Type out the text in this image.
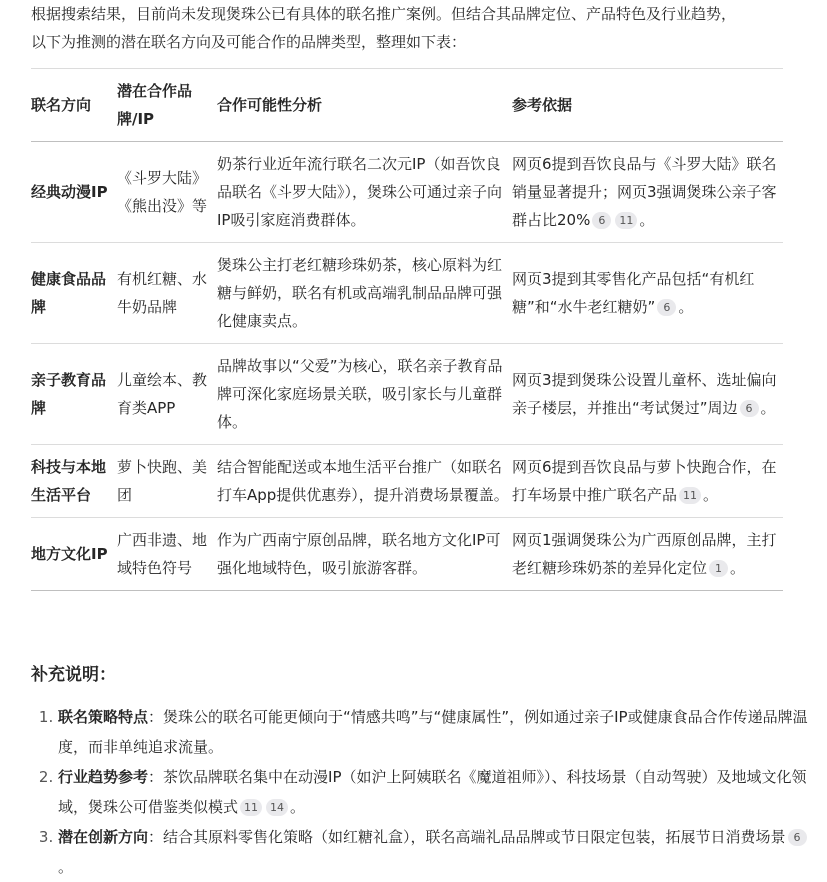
根据搜索结果，目前尚未发现煲珠公已有具体的联名推广案例。但结合其品牌定位、产品特色及行业趋势，

以下为推测的潜在联名方向及可能合作的品牌类型，整理如下表：

联名方向	潜在合作品牌/IP	合作可能性分析	参考依据
经典动漫IP	《斗罗大陆》《熊出没》等	奶茶行业近年流行联名二次元IP（如吾饮良品联名《斗罗大陆》），煲珠公可通过亲子向IP吸引家庭消费群体。	网页6提到吾饮良品与《斗罗大陆》联名销量显著提升；网页3强调煲珠公亲子客群占比20% 6 11 。
健康食品品牌	有机红糖、水牛奶品牌	煲珠公主打老红糖珍珠奶茶，核心原料为红糖与鲜奶，联名有机或高端乳制品品牌可强化健康卖点。	网页3提到其零售化产品包括“有机红糖”和“水牛老红糖奶” 6 。
亲子教育品牌	儿童绘本、教育类APP	品牌故事以“父爱”为核心，联名亲子教育品牌可深化家庭场景关联，吸引家长与儿童群体。	网页3提到煲珠公设置儿童杯、选址偏向亲子楼层，并推出“考试煲过”周边 6 。
科技与本地生活平台	萝卜快跑、美团	结合智能配送或本地生活平台推广（如联名打车App提供优惠券），提升消费场景覆盖。	网页6提到吾饮良品与萝卜快跑合作，在打车场景中推广联名产品 11 。
地方文化IP	广西非遗、地域特色符号	作为广西南宁原创品牌，联名地方文化IP可强化地域特色，吸引旅游客群。	网页1强调煲珠公为广西原创品牌，主打老红糖珍珠奶茶的差异化定位 1 。
补充说明：
1. 联名策略特点：煲珠公的联名可能更倾向于“情感共鸣”与“健康属性”，例如通过亲子IP或健康食品合作传递品牌温度，而非单纯追求流量。
2. 行业趋势参考：茶饮品牌联名集中在动漫IP（如沪上阿姨联名《魔道祖师》）、科技场景（自动驾驶）及地域文化领域，煲珠公可借鉴类似模式 11 14 。
3. 潜在创新方向：结合其原料零售化策略（如红糖礼盒），联名高端礼品品牌或节日限定包装，拓展节日消费场景 6。
